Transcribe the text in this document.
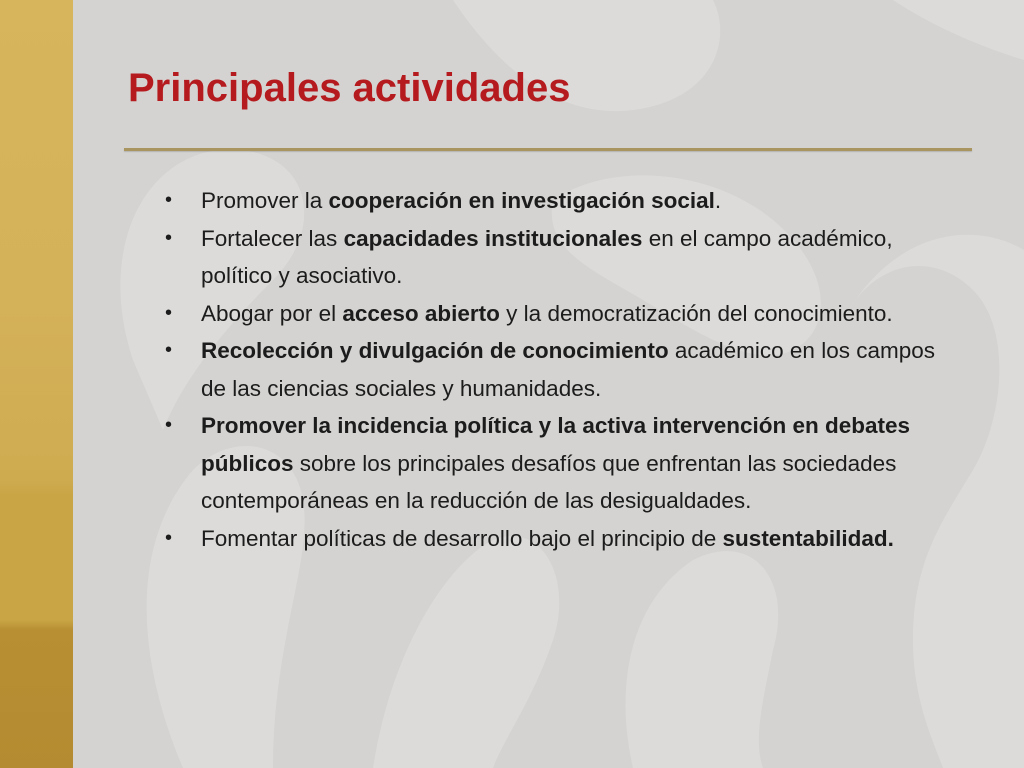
Principales actividades
• Promover la cooperación en investigación social.
• Fortalecer las capacidades institucionales en el campo académico, político y asociativo.
• Abogar por el acceso abierto y la democratización del conocimiento.
• Recolección y divulgación de conocimiento académico en los campos de las ciencias sociales y humanidades.
• Promover la incidencia política y la activa intervención en debates públicos sobre los principales desafíos que enfrentan las sociedades contemporáneas en la reducción de las desigualdades.
• Fomentar políticas de desarrollo bajo el principio de sustentabilidad.
